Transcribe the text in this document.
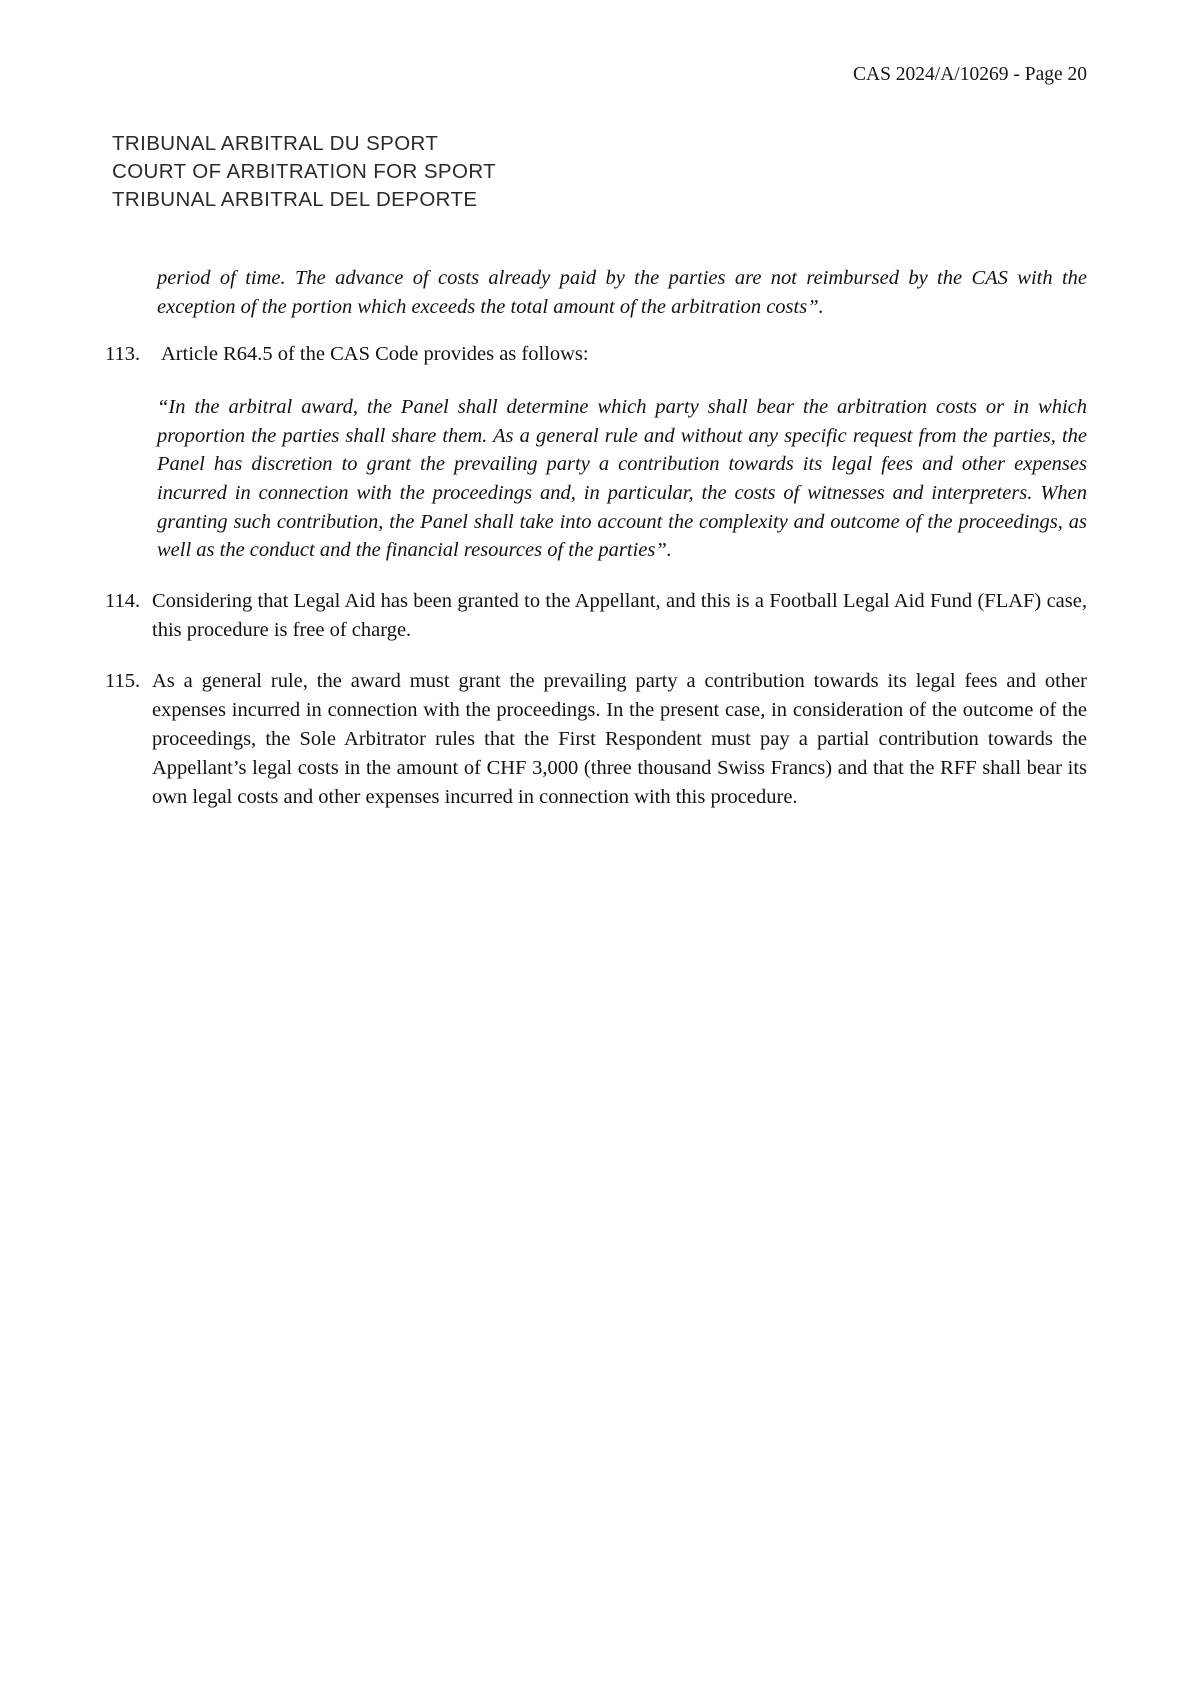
CAS 2024/A/10269 - Page 20
TRIBUNAL ARBITRAL DU SPORT
COURT OF ARBITRATION FOR SPORT
TRIBUNAL ARBITRAL DEL DEPORTE

period of time. The advance of costs already paid by the parties are not reimbursed by the CAS with the exception of the portion which exceeds the total amount of the arbitration costs”.

113.	Article R64.5 of the CAS Code provides as follows:

“In the arbitral award, the Panel shall determine which party shall bear the arbitration costs or in which proportion the parties shall share them. As a general rule and without any specific request from the parties, the Panel has discretion to grant the prevailing party a contribution towards its legal fees and other expenses incurred in connection with the proceedings and, in particular, the costs of witnesses and interpreters. When granting such contribution, the Panel shall take into account the complexity and outcome of the proceedings, as well as the conduct and the financial resources of the parties”.

114. Considering that Legal Aid has been granted to the Appellant, and this is a Football Legal Aid Fund (FLAF) case, this procedure is free of charge.
115. As a general rule, the award must grant the prevailing party a contribution towards its legal fees and other expenses incurred in connection with the proceedings. In the present case, in consideration of the outcome of the proceedings, the Sole Arbitrator rules that the First Respondent must pay a partial contribution towards the Appellant’s legal costs in the amount of CHF 3,000 (three thousand Swiss Francs) and that the RFF shall bear its own legal costs and other expenses incurred in connection with this procedure.
